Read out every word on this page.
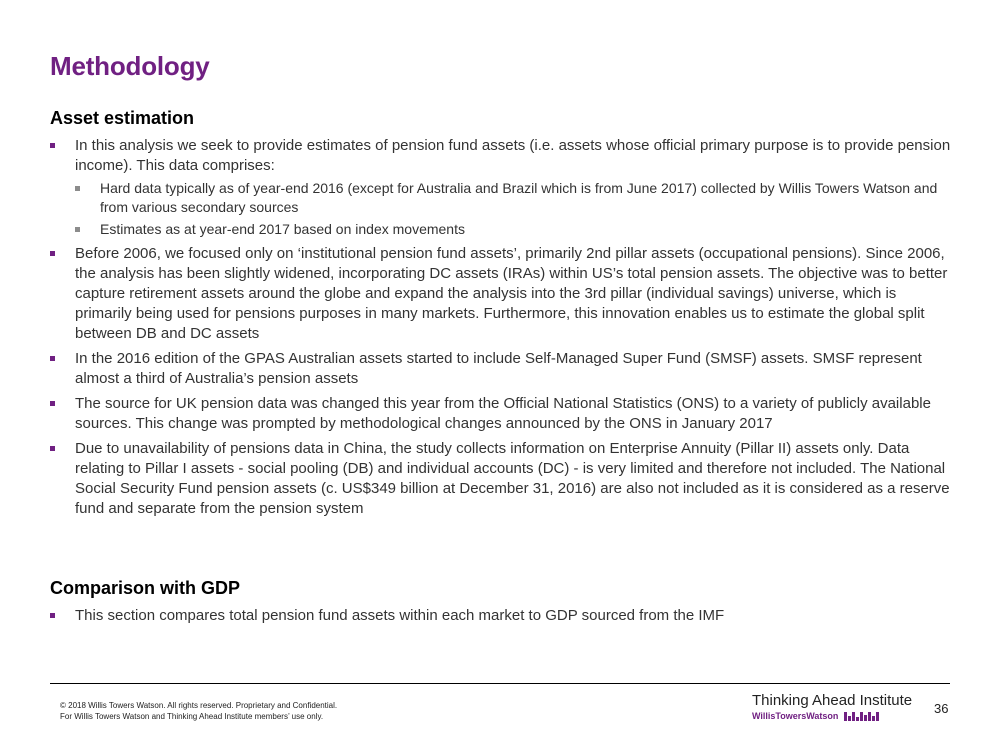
Methodology
Asset estimation
In this analysis we seek to provide estimates of pension fund assets (i.e. assets whose official primary purpose is to provide pension income). This data comprises:
Hard data typically as of year-end 2016 (except for Australia and Brazil which is from June 2017) collected by Willis Towers Watson and from various secondary sources
Estimates as at year-end 2017 based on index movements
Before 2006, we focused only on ‘institutional pension fund assets’, primarily 2nd pillar assets (occupational pensions). Since 2006, the analysis has been slightly widened, incorporating DC assets (IRAs) within US’s total pension assets. The objective was to better capture retirement assets around the globe and expand the analysis into the 3rd pillar (individual savings) universe, which is primarily being used for pensions purposes in many markets. Furthermore, this innovation enables us to estimate the global split between DB and DC assets
In the 2016 edition of the GPAS Australian assets started to include Self-Managed Super Fund (SMSF) assets. SMSF represent almost a third of Australia’s pension assets
The source for UK pension data was changed this year from the Official National Statistics (ONS) to a variety of publicly available sources. This change was prompted by methodological changes announced by the ONS in January 2017
Due to unavailability of pensions data in China, the study collects information on Enterprise Annuity (Pillar II) assets only. Data relating to Pillar I assets - social pooling (DB) and individual accounts (DC) - is very limited and therefore not included. The National Social Security Fund pension assets (c. US$349 billion at December 31, 2016) are also not included as it is considered as a reserve fund and separate from the pension system
Comparison with GDP
This section compares total pension fund assets within each market to GDP sourced from the IMF
© 2018 Willis Towers Watson. All rights reserved. Proprietary and Confidential.
For Willis Towers Watson and Thinking Ahead Institute members’ use only.
Thinking Ahead Institute
WillisTowersWatson	36
